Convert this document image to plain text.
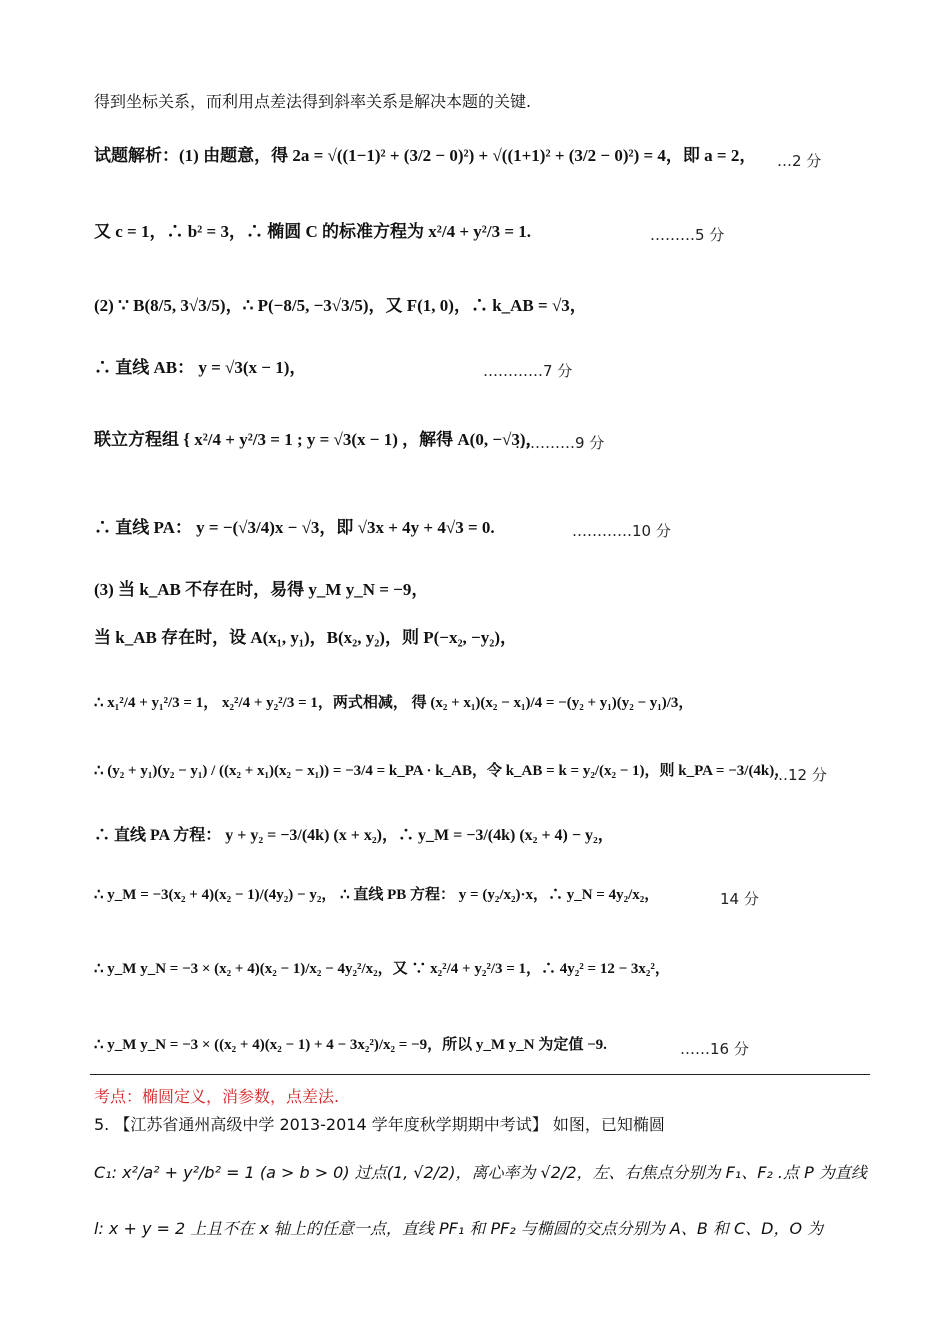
得到坐标关系，而利用点差法得到斜率关系是解决本题的关键.
试题解析：(1) 由题意，得 2a = √((1−1)² + (3/2 − 0)²) + √((1+1)² + (3/2 − 0)²) = 4，即 a = 2， …2 分
又 c = 1，∴ b² = 3，∴ 椭圆 C 的标准方程为 x²/4 + y²/3 = 1.	………5 分
(2) ∵ B(8/5, 3√3/5)，∴ P(−8/5, −3√3/5)，又 F(1, 0)，∴ k_AB = √3，
∴ 直线 AB： y = √3(x − 1)，	…………7 分
联立方程组 { x²/4 + y²/3 = 1 ; y = √3(x − 1) ，解得 A(0, −√3)，
…………9 分
∴ 直线 PA： y = −(√3/4)x − √3，即 √3x + 4y + 4√3 = 0.	…………10 分
(3) 当 k_AB 不存在时，易得 y_M y_N = −9，
当 k_AB 存在时，设 A(x₁, y₁)，B(x₂, y₂)，则 P(−x₂, −y₂)，
∴ x₁²/4 + y₁²/3 = 1， x₂²/4 + y₂²/3 = 1，两式相减， 得 (x₂ + x₁)(x₂ − x₁)/4 = −(y₂ + y₁)(y₂ − y₁)/3，
∴ (y₂ + y₁)(y₂ − y₁) / ((x₂ + x₁)(x₂ − x₁)) = −3/4 = k_PA · k_AB，令 k_AB = k = y₂/(x₂ − 1)，则 k_PA = −3/(4k)，
…12 分
∴ 直线 PA 方程： y + y₂ = −3/(4k) (x + x₂)，∴ y_M = −3/(4k) (x₂ + 4) − y₂，
∴ y_M = −3(x₂ + 4)(x₂ − 1)/(4y₂) − y₂， ∴ 直线 PB 方程： y = (y₂/x₂)·x，∴ y_N = 4y₂/x₂，	14 分
∴ y_M y_N = −3 × (x₂ + 4)(x₂ − 1)/x₂ − 4y₂²/x₂，又 ∵ x₂²/4 + y₂²/3 = 1，∴ 4y₂² = 12 − 3x₂²，
∴ y_M y_N = −3 × ((x₂ + 4)(x₂ − 1) + 4 − 3x₂²)/x₂ = −9，所以 y_M y_N 为定值 −9.	……16 分
考点：椭圆定义，消参数，点差法.
5. 【江苏省通州高级中学 2013-2014 学年度秋学期期中考试】 如图，已知椭圆
C₁: x²/a² + y²/b² = 1 (a > b > 0) 过点(1, √2/2)，离心率为 √2/2，左、右焦点分别为 F₁、F₂ .点 P 为直线
l: x + y = 2 上且不在 x 轴上的任意一点，直线 PF₁ 和 PF₂ 与椭圆的交点分别为 A、B 和 C、D，O 为
